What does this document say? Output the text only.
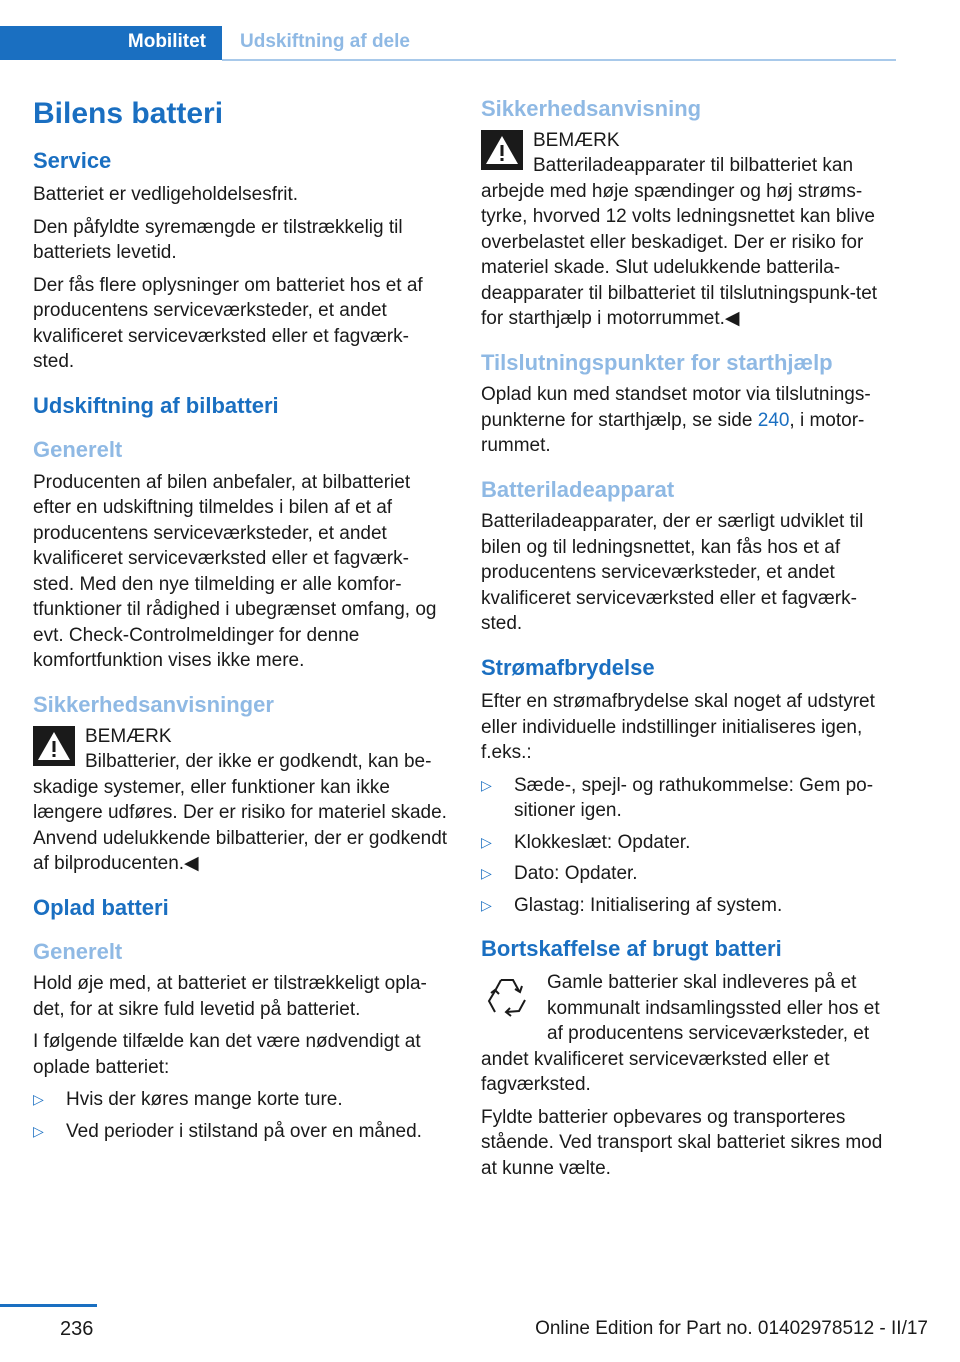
Mobilitet	Udskiftning af dele
Bilens batteri
Service

Batteriet er vedligeholdelsesfrit.

Den påfyldte syremængde er tilstrækkelig til batteriets levetid.

Der fås flere oplysninger om batteriet hos et af producentens serviceværksteder, et andet kvalificeret serviceværksted eller et fagværk‐sted.

Udskiftning af bilbatteri
Generelt

Producenten af bilen anbefaler, at bilbatteriet efter en udskiftning tilmeldes i bilen af et af producentens serviceværksteder, et andet kvalificeret serviceværksted eller et fagværk‐sted. Med den nye tilmelding er alle komfor‐tfunktioner til rådighed i ubegrænset omfang, og evt. Check-Controlmeldinger for denne komfortfunktion vises ikke mere.

Sikkerhedsanvisninger
BEMÆRK
Bilbatterier, der ikke er godkendt, kan be‐skadige systemer, eller funktioner kan ikke længere udføres. Der er risiko for materiel skade. Anvend udelukkende bilbatterier, der er godkendt af bilproducenten.◀
Oplad batteri
Generelt

Hold øje med, at batteriet er tilstrækkeligt opla‐det, for at sikre fuld levetid på batteriet.

I følgende tilfælde kan det være nødvendigt at oplade batteriet:

▷ Hvis der køres mange korte ture.
▷ Ved perioder i stilstand på over en måned.
Sikkerhedsanvisning
BEMÆRK
Batteriladeapparater til bilbatteriet kan arbejde med høje spændinger og høj strøms‐tyrke, hvorved 12 volts ledningsnettet kan blive overbelastet eller beskadiget. Der er risiko for materiel skade. Slut udelukkende batterila‐deapparater til bilbatteriet til tilslutningspunk‐tet for starthjælp i motorrummet.◀
Tilslutningspunkter for starthjælp

Oplad kun med standset motor via tilslutnings‐punkterne for starthjælp, se side 240, i motor‐rummet.

Batteriladeapparat

Batteriladeapparater, der er særligt udviklet til bilen og til ledningsnettet, kan fås hos et af producentens serviceværksteder, et andet kvalificeret serviceværksted eller et fagværk‐sted.

Strømafbrydelse

Efter en strømafbrydelse skal noget af udstyret eller individuelle indstillinger initialiseres igen, f.eks.:

▷ Sæde-, spejl- og rathukommelse: Gem po‐sitioner igen.
▷ Klokkeslæt: Opdater.
▷ Dato: Opdater.
▷ Glastag: Initialisering af system.
Bortskaffelse af brugt batteri

Gamle batterier skal indleveres på et kommunalt indsamlingssted eller hos et af producentens serviceværksteder, et andet kvalificeret serviceværksted eller et fagværksted.

Fyldte batterier opbevares og transporteres stående. Ved transport skal batteriet sikres mod at kunne vælte.

236	Online Edition for Part no. 01402978512 - II/17
